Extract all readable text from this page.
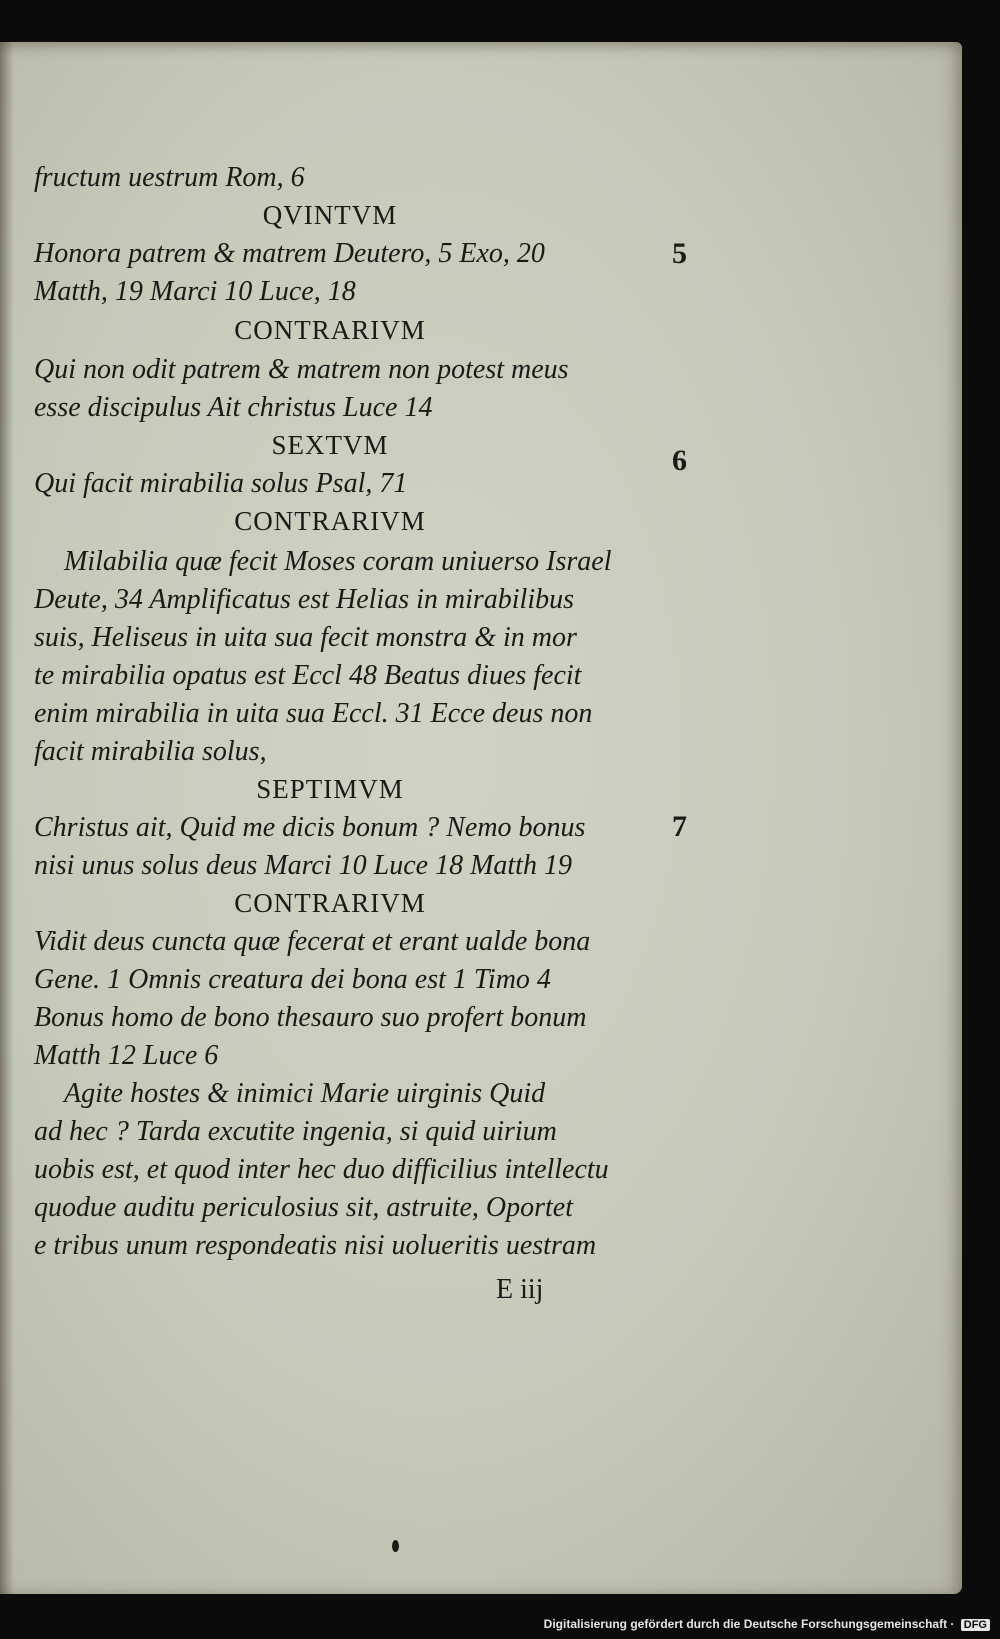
fructum uestrum Rom, 6
QVINTVM
Honora patrem & matrem Deutero, 5 Exo, 20	5
Matth, 19 Marci 10 Luce, 18
CONTRARIVM
Qui non odit patrem & matrem non potest meus
esse discipulus Ait christus Luce 14
SEXTVM	6
Qui facit mirabilia solus Psal, 71
CONTRARIVM
Milabilia quæ fecit Moses coram uniuerso Israel
Deute, 34 Amplificatus est Helias in mirabilibus
suis, Heliseus in uita sua fecit monstra & in mor
te mirabilia opatus est Eccl 48 Beatus diues fecit
enim mirabilia in uita sua Eccl. 31 Ecce deus non
facit mirabilia solus,
SEPTIMVM
Christus ait, Quid me dicis bonum ? Nemo bonus	7
nisi unus solus deus Marci 10 Luce 18 Matth 19
CONTRARIVM
Vidit deus cuncta quæ fecerat et erant ualde bona
Gene. 1 Omnis creatura dei bona est 1 Timo 4
Bonus homo de bono thesauro suo profert bonum
Matth 12 Luce 6
Agite hostes & inimici Marie uirginis Quid
ad hec ? Tarda excutite ingenia, si quid uirium
uobis est, et quod inter hec duo difficilius intellectu
quodue auditu periculosius sit, astruite, Oportet
e tribus unum respondeatis nisi uolueritis uestram
E iij
Digitalisierung gefördert durch die Deutsche Forschungsgemeinschaft · DFG
